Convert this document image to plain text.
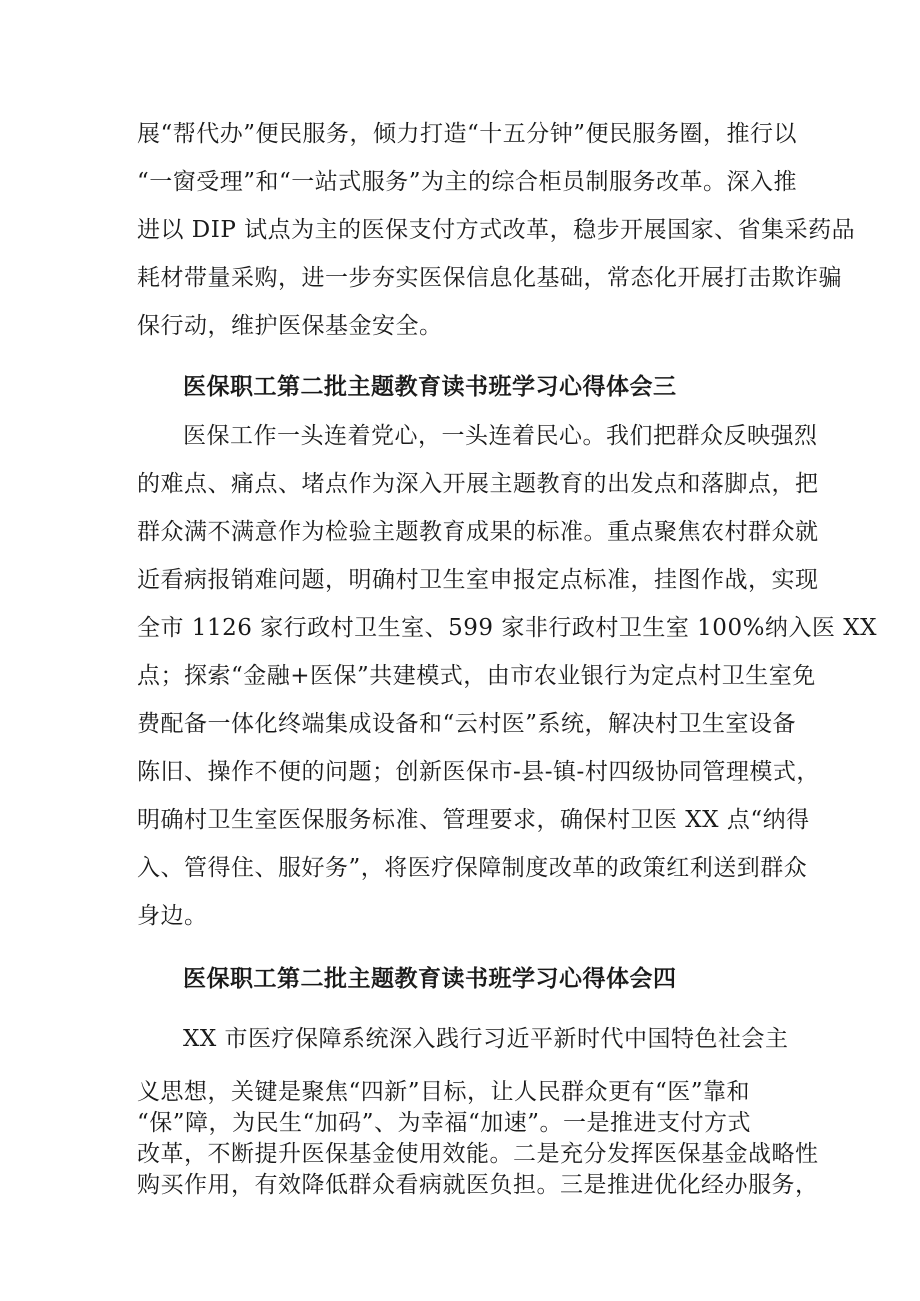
展“帮代办”便民服务，倾力打造“十五分钟”便民服务圈，推行以
“一窗受理”和“一站式服务”为主的综合柜员制服务改革。深入推
进以 DIP 试点为主的医保支付方式改革，稳步开展国家、省集采药品
耗材带量采购，进一步夯实医保信息化基础，常态化开展打击欺诈骗
保行动，维护医保基金安全。
医保职工第二批主题教育读书班学习心得体会三
医保工作一头连着党心，一头连着民心。我们把群众反映强烈
的难点、痛点、堵点作为深入开展主题教育的出发点和落脚点，把
群众满不满意作为检验主题教育成果的标准。重点聚焦农村群众就
近看病报销难问题，明确村卫生室申报定点标准，挂图作战，实现
全市 1126 家行政村卫生室、599 家非行政村卫生室 100%纳入医 XX
点；探索“金融+医保”共建模式，由市农业银行为定点村卫生室免
费配备一体化终端集成设备和“云村医”系统，解决村卫生室设备
陈旧、操作不便的问题；创新医保市-县-镇-村四级协同管理模式，
明确村卫生室医保服务标准、管理要求，确保村卫医 XX 点“纳得
入、管得住、服好务”，将医疗保障制度改革的政策红利送到群众
身边。
医保职工第二批主题教育读书班学习心得体会四
XX 市医疗保障系统深入践行习近平新时代中国特色社会主
义思想，关键是聚焦“四新”目标，让人民群众更有“医”靠和
“保”障，为民生“加码”、为幸福“加速”。一是推进支付方式
改革，不断提升医保基金使用效能。二是充分发挥医保基金战略性
购买作用，有效降低群众看病就医负担。三是推进优化经办服务，
